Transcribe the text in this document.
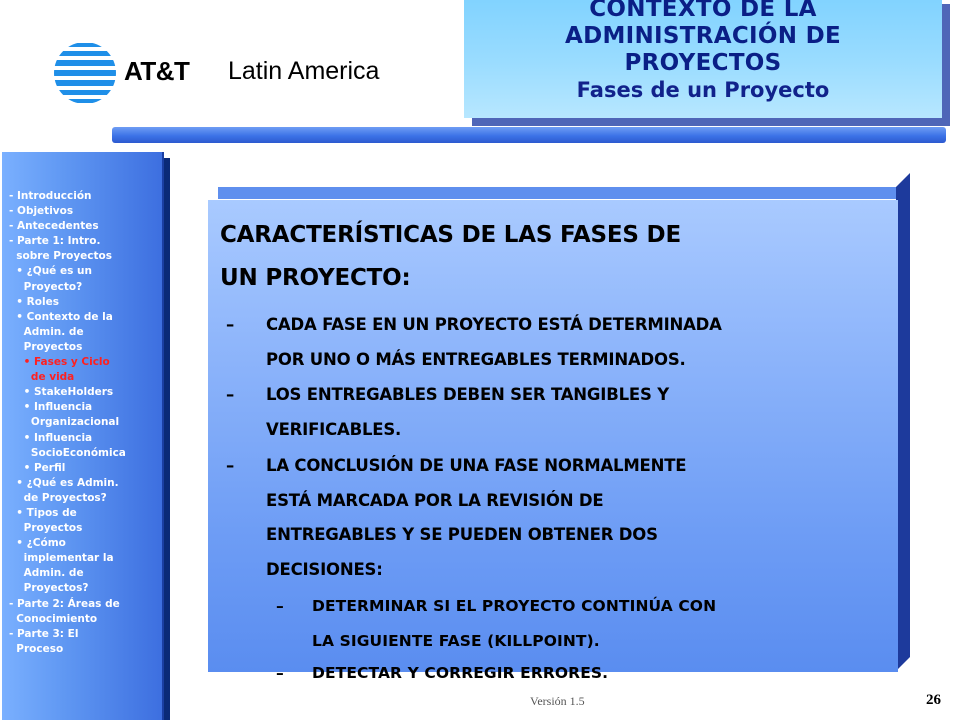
AT&T Latin America
CONTEXTO DE LA
ADMINISTRACIÓN DE
PROYECTOS
Fases de un Proyecto
- Introducción
- Objetivos
- Antecedentes
- Parte 1: Intro.
sobre Proyectos
• ¿Qué es un
Proyecto?
• Roles
• Contexto de la
Admin. de
Proyectos
• Fases y Ciclo
de vida
• StakeHolders
• Influencia
Organizacional
• Influencia
SocioEconómica
• Perfil
• ¿Qué es Admin.
de Proyectos?
• Tipos de
Proyectos
• ¿Cómo
implementar la
Admin. de
Proyectos?
- Parte 2: Áreas de
Conocimiento
- Parte 3: El
Proceso
CARACTERÍSTICAS DE LAS FASES DE
UN PROYECTO:
– CADA FASE EN UN PROYECTO ESTÁ DETERMINADA
POR UNO O MÁS ENTREGABLES TERMINADOS.
– LOS ENTREGABLES DEBEN SER TANGIBLES Y
VERIFICABLES.
– LA CONCLUSIÓN DE UNA FASE NORMALMENTE
ESTÁ MARCADA POR LA REVISIÓN DE
ENTREGABLES Y SE PUEDEN OBTENER DOS
DECISIONES:
– DETERMINAR SI EL PROYECTO CONTINÚA CON
LA SIGUIENTE FASE (KILLPOINT).
– DETECTAR Y CORREGIR ERRORES.
Versión 1.5	26
